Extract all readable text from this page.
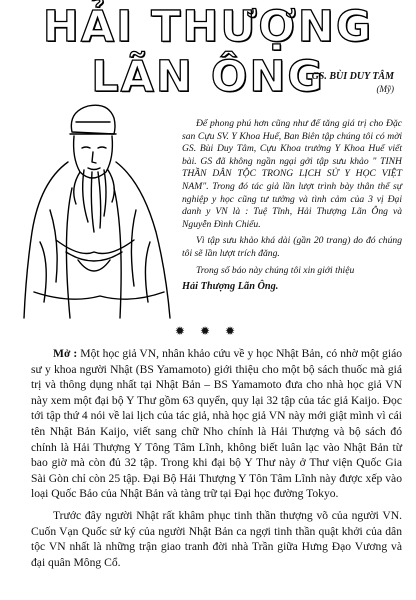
HẢI THƯỢNG LÃN ÔNG
GS. BÙI DUY TÂM
(Mỹ)

Để phong phú hơn cũng như để tăng giá trị cho Đặc san Cựu SV. Y Khoa Huế, Ban Biên tập chúng tôi có mời GS. Bùi Duy Tâm, Cựu Khoa trưởng Y Khoa Huế viết bài. GS đã không ngần ngại gởi tập sưu khảo " TINH THẦN DÂN TỘC TRONG LỊCH SỬ Y HỌC VIỆT NAM". Trong đó tác giả lần lượt trình bày thân thế sự nghiệp y học cũng tư tưởng và tình cảm của 3 vị Đại danh y VN là : Tuệ Tĩnh, Hải Thượng Lãn Ông và Nguyễn Đình Chiểu.

Vì tập sưu khảo khá dài (gần 20 trang) do đó chúng tôi sẽ lần lượt trích đăng.

Trong số báo này chúng tôi xin giới thiệu

Hải Thượng Lãn Ông.

✹ ✹ ✹

Mở : Một học giả VN, nhân khảo cứu về y học Nhật Bản, có nhờ một giáo sư y khoa người Nhật (BS Yamamoto) giới thiệu cho một bộ sách thuốc mà giá trị và thông dụng nhất tại Nhật Bản – BS Yamamoto đưa cho nhà học giả VN này xem một đại bộ Y Thư gồm 63 quyển, quy lại 32 tập của tác giả Kaijo. Đọc tới tập thứ 4 nói về lai lịch của tác giả, nhà học giả VN này mới giật mình vì cái tên Nhật Bản Kaijo, viết sang chữ Nho chính là Hải Thượng và bộ sách đó chính là Hải Thượng Y Tông Tâm Lĩnh, không biết luân lạc vào Nhật Bản từ bao giờ mà còn đủ 32 tập. Trong khi đại bộ Y Thư này ở Thư viện Quốc Gia Sài Gòn chỉ còn 25 tập. Đại Bộ Hải Thượng Y Tôn Tâm Lĩnh này được xếp vào loại Quốc Bảo của Nhật Bản và tàng trữ tại Đại học đường Tokyo.

Trước đây người Nhật rất khâm phục tinh thần thượng võ của người VN. Cuốn Vạn Quốc sử ký của người Nhật Bản ca ngợi tinh thần quật khởi của dân tộc VN nhất là những trận giao tranh đời nhà Trần giữa Hưng Đạo Vương và đại quân Mông Cổ.
